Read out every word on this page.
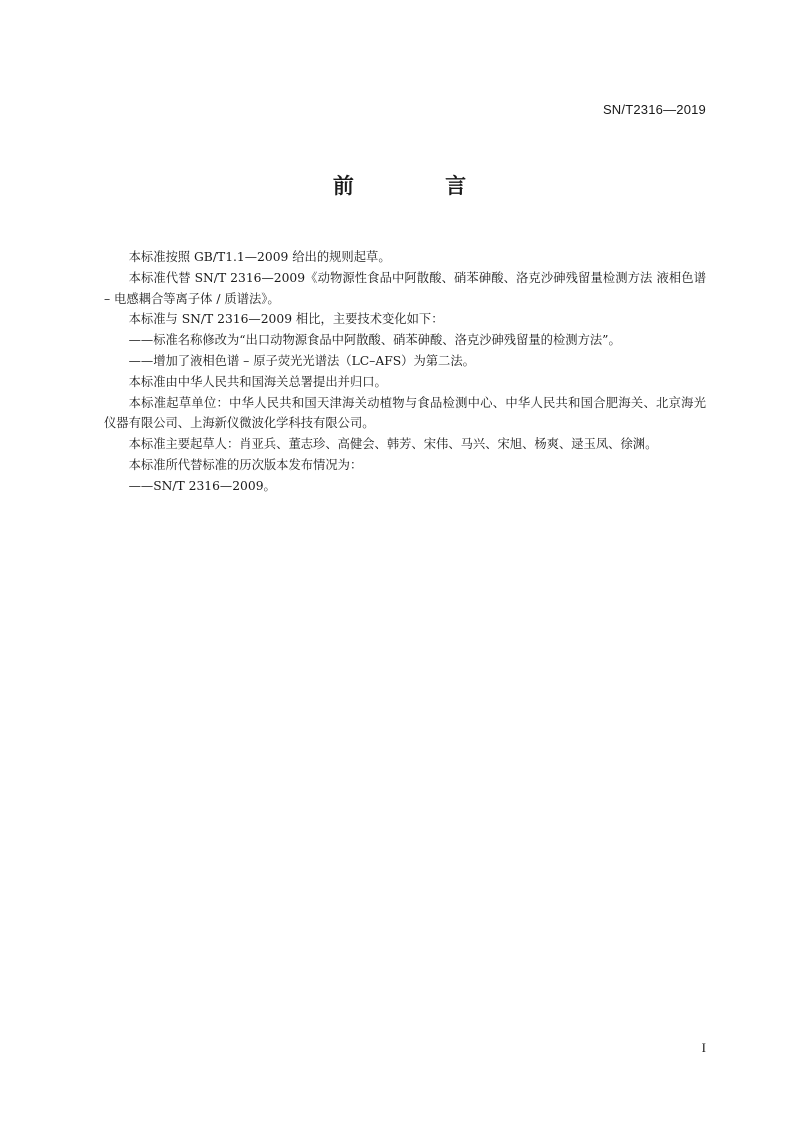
SN/T2316—2019
前 言

本标准按照 GB/T1.1—2009 给出的规则起草。

本标准代替 SN/T 2316—2009《动物源性食品中阿散酸、硝苯砷酸、洛克沙砷残留量检测方法 液相色谱 – 电感耦合等离子体 / 质谱法》。

本标准与 SN/T 2316—2009 相比，主要技术变化如下：

——标准名称修改为“出口动物源食品中阿散酸、硝苯砷酸、洛克沙砷残留量的检测方法”。

——增加了液相色谱 – 原子荧光光谱法（LC–AFS）为第二法。

本标准由中华人民共和国海关总署提出并归口。

本标准起草单位：中华人民共和国天津海关动植物与食品检测中心、中华人民共和国合肥海关、北京海光仪器有限公司、上海新仪微波化学科技有限公司。

本标准主要起草人：肖亚兵、董志珍、高健会、韩芳、宋伟、马兴、宋旭、杨爽、逯玉凤、徐渊。

本标准所代替标准的历次版本发布情况为：

——SN/T 2316—2009。

I
